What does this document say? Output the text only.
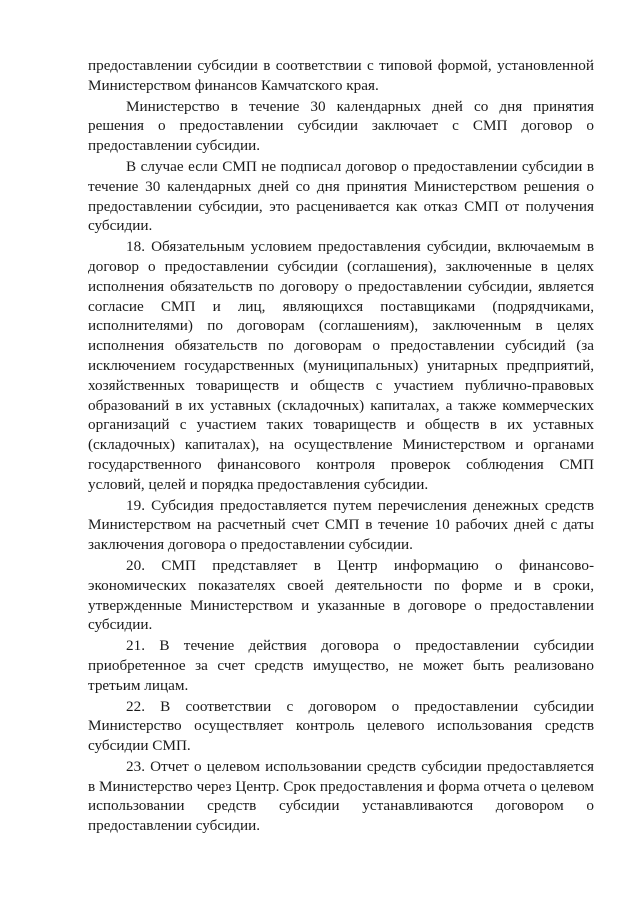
предоставлении субсидии в соответствии с типовой формой, установленной Министерством финансов Камчатского края.

Министерство в течение 30 календарных дней со дня принятия решения о предоставлении субсидии заключает с СМП договор о предоставлении субсидии.

В случае если СМП не подписал договор о предоставлении субсидии в течение 30 календарных дней со дня принятия Министерством решения о предоставлении субсидии, это расценивается как отказ СМП от получения субсидии.

18. Обязательным условием предоставления субсидии, включаемым в договор о предоставлении субсидии (соглашения), заключенные в целях исполнения обязательств по договору о предоставлении субсидии, является согласие СМП и лиц, являющихся поставщиками (подрядчиками, исполнителями) по договорам (соглашениям), заключенным в целях исполнения обязательств по договорам о предоставлении субсидий (за исключением государственных (муниципальных) унитарных предприятий, хозяйственных товариществ и обществ с участием публично-правовых образований в их уставных (складочных) капиталах, а также коммерческих организаций с участием таких товариществ и обществ в их уставных (складочных) капиталах), на осуществление Министерством и органами государственного финансового контроля проверок соблюдения СМП условий, целей и порядка предоставления субсидии.

19. Субсидия предоставляется путем перечисления денежных средств Министерством на расчетный счет СМП в течение 10 рабочих дней с даты заключения договора о предоставлении субсидии.

20. СМП представляет в Центр информацию о финансово-экономических показателях своей деятельности по форме и в сроки, утвержденные Министерством и указанные в договоре о предоставлении субсидии.

21. В течение действия договора о предоставлении субсидии приобретенное за счет средств имущество, не может быть реализовано третьим лицам.

22. В соответствии с договором о предоставлении субсидии Министерство осуществляет контроль целевого использования средств субсидии СМП.

23. Отчет о целевом использовании средств субсидии предоставляется в Министерство через Центр. Срок предоставления и форма отчета о целевом использовании средств субсидии устанавливаются договором о предоставлении субсидии.
